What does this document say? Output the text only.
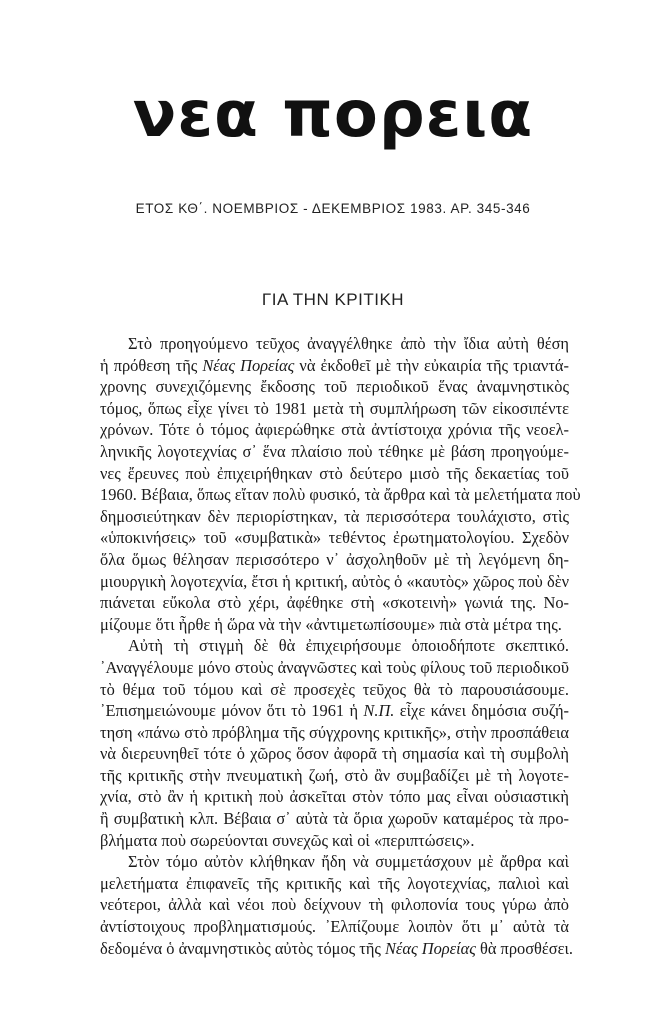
νεα πορεια
ΕΤΟΣ ΚΘ΄. ΝΟΕΜΒΡΙΟΣ - ΔΕΚΕΜΒΡΙΟΣ 1983. ΑΡ. 345-346
ΓΙΑ ΤΗΝ ΚΡΙΤΙΚΗ
Στὸ προηγούμενο τεῦχος ἀναγγέλθηκε ἀπὸ τὴν ἴδια αὐτὴ θέση
ἡ πρόθεση τῆς Νέας Πορείας νὰ ἐκδοθεῖ μὲ τὴν εὐκαιρία τῆς τριαντά-
χρονης συνεχιζόμενης ἔκδοσης τοῦ περιοδικοῦ ἕνας ἀναμνηστικὸς
τόμος, ὅπως εἶχε γίνει τὸ 1981 μετὰ τὴ συμπλήρωση τῶν εἰκοσιπέντε
χρόνων. Τότε ὁ τόμος ἀφιερώθηκε στὰ ἀντίστοιχα χρόνια τῆς νεοελ-
ληνικῆς λογοτεχνίας σ᾽ ἕνα πλαίσιο ποὺ τέθηκε μὲ βάση προηγούμε-
νες ἔρευνες ποὺ ἐπιχειρήθηκαν στὸ δεύτερο μισὸ τῆς δεκαετίας τοῦ
1960. Βέβαια, ὅπως εἴταν πολὺ φυσικό, τὰ ἄρθρα καὶ τὰ μελετήματα ποὺ
δημοσιεύτηκαν δὲν περιορίστηκαν, τὰ περισσότερα τουλάχιστο, στὶς
«ὑποκινήσεις» τοῦ «συμβατικὰ» τεθέντος ἐρωτηματολογίου. Σχεδὸν
ὅλα ὅμως θέλησαν περισσότερο ν᾽ ἀσχοληθοῦν μὲ τὴ λεγόμενη δη-
μιουργικὴ λογοτεχνία, ἔτσι ἡ κριτική, αὐτὸς ὁ «καυτὸς» χῶρος ποὺ δὲν
πιάνεται εὔκολα στὸ χέρι, ἀφέθηκε στὴ «σκοτεινὴ» γωνιά της. Νο-
μίζουμε ὅτι ἦρθε ἡ ὥρα νὰ τὴν «ἀντιμετωπίσουμε» πιὰ στὰ μέτρα της.
Αὐτὴ τὴ στιγμὴ δὲ θὰ ἐπιχειρήσουμε ὁποιοδήποτε σκεπτικό.
᾽Αναγγέλουμε μόνο στοὺς ἀναγνῶστες καὶ τοὺς φίλους τοῦ περιοδικοῦ
τὸ θέμα τοῦ τόμου καὶ σὲ προσεχὲς τεῦχος θὰ τὸ παρουσιάσουμε.
᾽Επισημειώνουμε μόνον ὅτι τὸ 1961 ἡ Ν.Π. εἶχε κάνει δημόσια συζή-
τηση «πάνω στὸ πρόβλημα τῆς σύγχρονης κριτικῆς», στὴν προσπάθεια
νὰ διερευνηθεῖ τότε ὁ χῶρος ὅσον ἀφορᾶ τὴ σημασία καὶ τὴ συμβολὴ
τῆς κριτικῆς στὴν πνευματικὴ ζωή, στὸ ἂν συμβαδίζει μὲ τὴ λογοτε-
χνία, στὸ ἂν ἡ κριτικὴ ποὺ ἀσκεῖται στὸν τόπο μας εἶναι οὐσιαστικὴ
ἢ συμβατικὴ κλπ. Βέβαια σ᾽ αὐτὰ τὰ ὅρια χωροῦν καταμέρος τὰ προ-
βλήματα ποὺ σωρεύονται συνεχῶς καὶ οἱ «περιπτώσεις».
Στὸν τόμο αὐτὸν κλήθηκαν ἤδη νὰ συμμετάσχουν μὲ ἄρθρα καὶ
μελετήματα ἐπιφανεῖς τῆς κριτικῆς καὶ τῆς λογοτεχνίας, παλιοὶ καὶ
νεότεροι, ἀλλὰ καὶ νέοι ποὺ δείχνουν τὴ φιλοπονία τους γύρω ἀπὸ
ἀντίστοιχους προβληματισμούς. ᾽Ελπίζουμε λοιπὸν ὅτι μ᾽ αὐτὰ τὰ
δεδομένα ὁ ἀναμνηστικὸς αὐτὸς τόμος τῆς Νέας Πορείας θὰ προσθέσει.
